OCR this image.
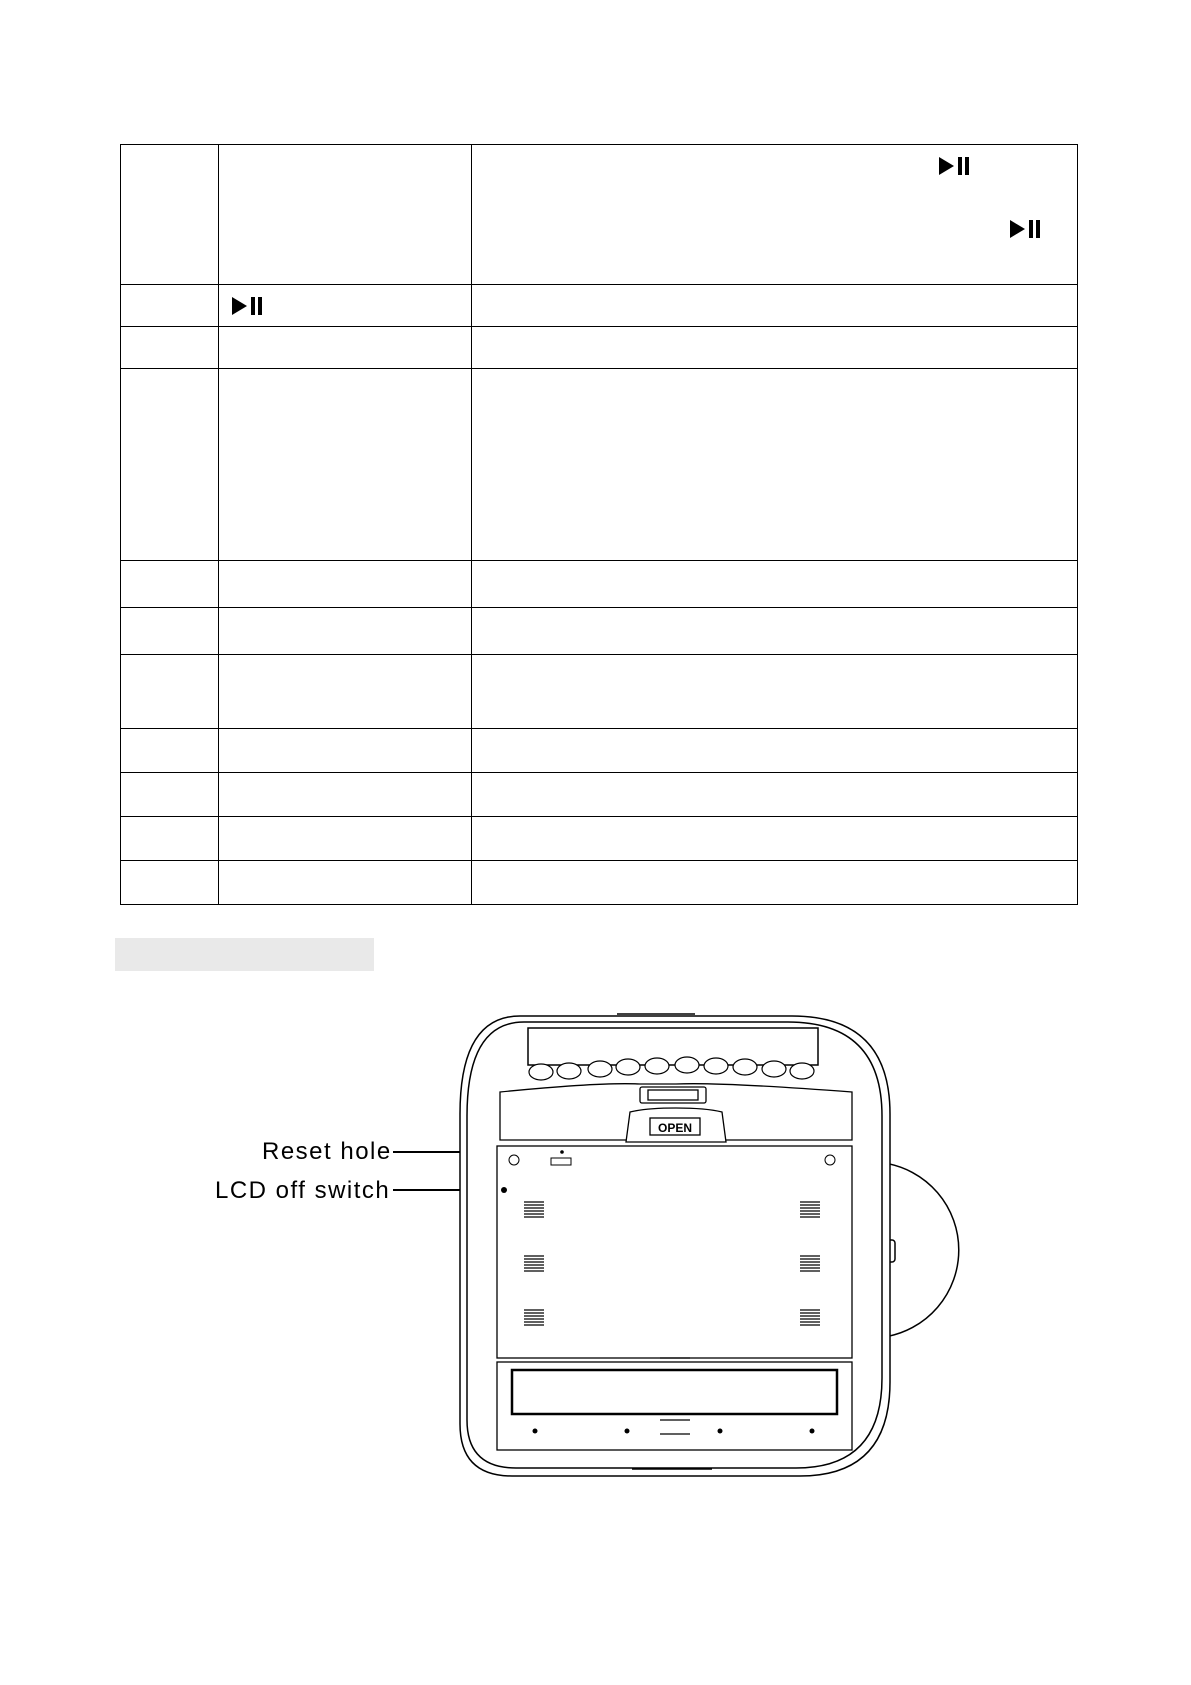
Reset hole
LCD off switch
OPEN
